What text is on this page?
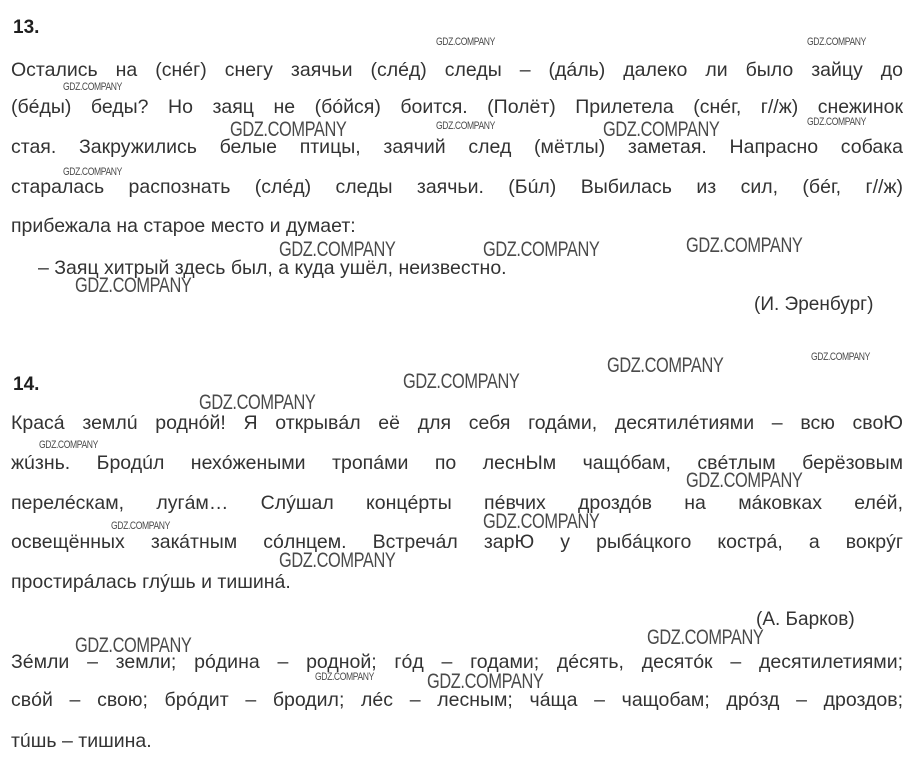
13.
Остались на (снéг) снегу заячьи (слéд) следы – (дáль) далеко ли было зайцу до
(бéды) беды? Но заяц не (бóйся) боится. (Полёт) Прилетела (снéг, г//ж) снежинок
стая. Закружились белые птицы, заячий след (мётлы) заметая. Напрасно собака
старалась распознать (слéд) следы заячьи. (Бúл) Выбилась из сил, (бéг, г//ж)
прибежала на старое место и думает:
– Заяц хитрый здесь был, а куда ушёл, неизвестно.
(И. Эренбург)
14.
Красá землú роднóй! Я открывáл её для себя годáми, десятилéтиями – всю своЮ
жúзнь. Бродúл нехóжеными тропáми по леснЫм чащóбам, свéтлым берёзовым
перелéскам, лугáм… Слýшал концéрты пéвчих дроздóв на мáковках елéй,
освещённых закáтным сóлнцем. Встречáл зарЮ у рыбáцкого кострá, а вокрýг
простирáлась глýшь и тишинá.
(А. Барков)
Зéмли – земли; рóдина – родной; гóд – годами; дéсять, десятóк – десятилетиями;
свóй – свою; брóдит – бродил; лéс – лесным; чáща – чащобам; дрóзд – дроздов;
тúшь – тишина.
GDZ.COMPANY	GDZ.COMPANY
GDZ.COMPANY
GDZ.COMPANY
GDZ.COMPANY
GDZ.COMPANY	GDZ.COMPANY
GDZ.COMPANY
GDZ.COMPANY
GDZ.COMPANY	GDZ.COMPANY
GDZ.COMPANY
GDZ.COMPANY
GDZ.COMPANY
GDZ.COMPANY
GDZ.COMPANY
GDZ.COMPANY
GDZ.COMPANY
GDZ.COMPANY
GDZ.COMPANY
GDZ.COMPANY
GDZ.COMPANY
GDZ.COMPANY
GDZ.COMPANY	GDZ.COMPANY
